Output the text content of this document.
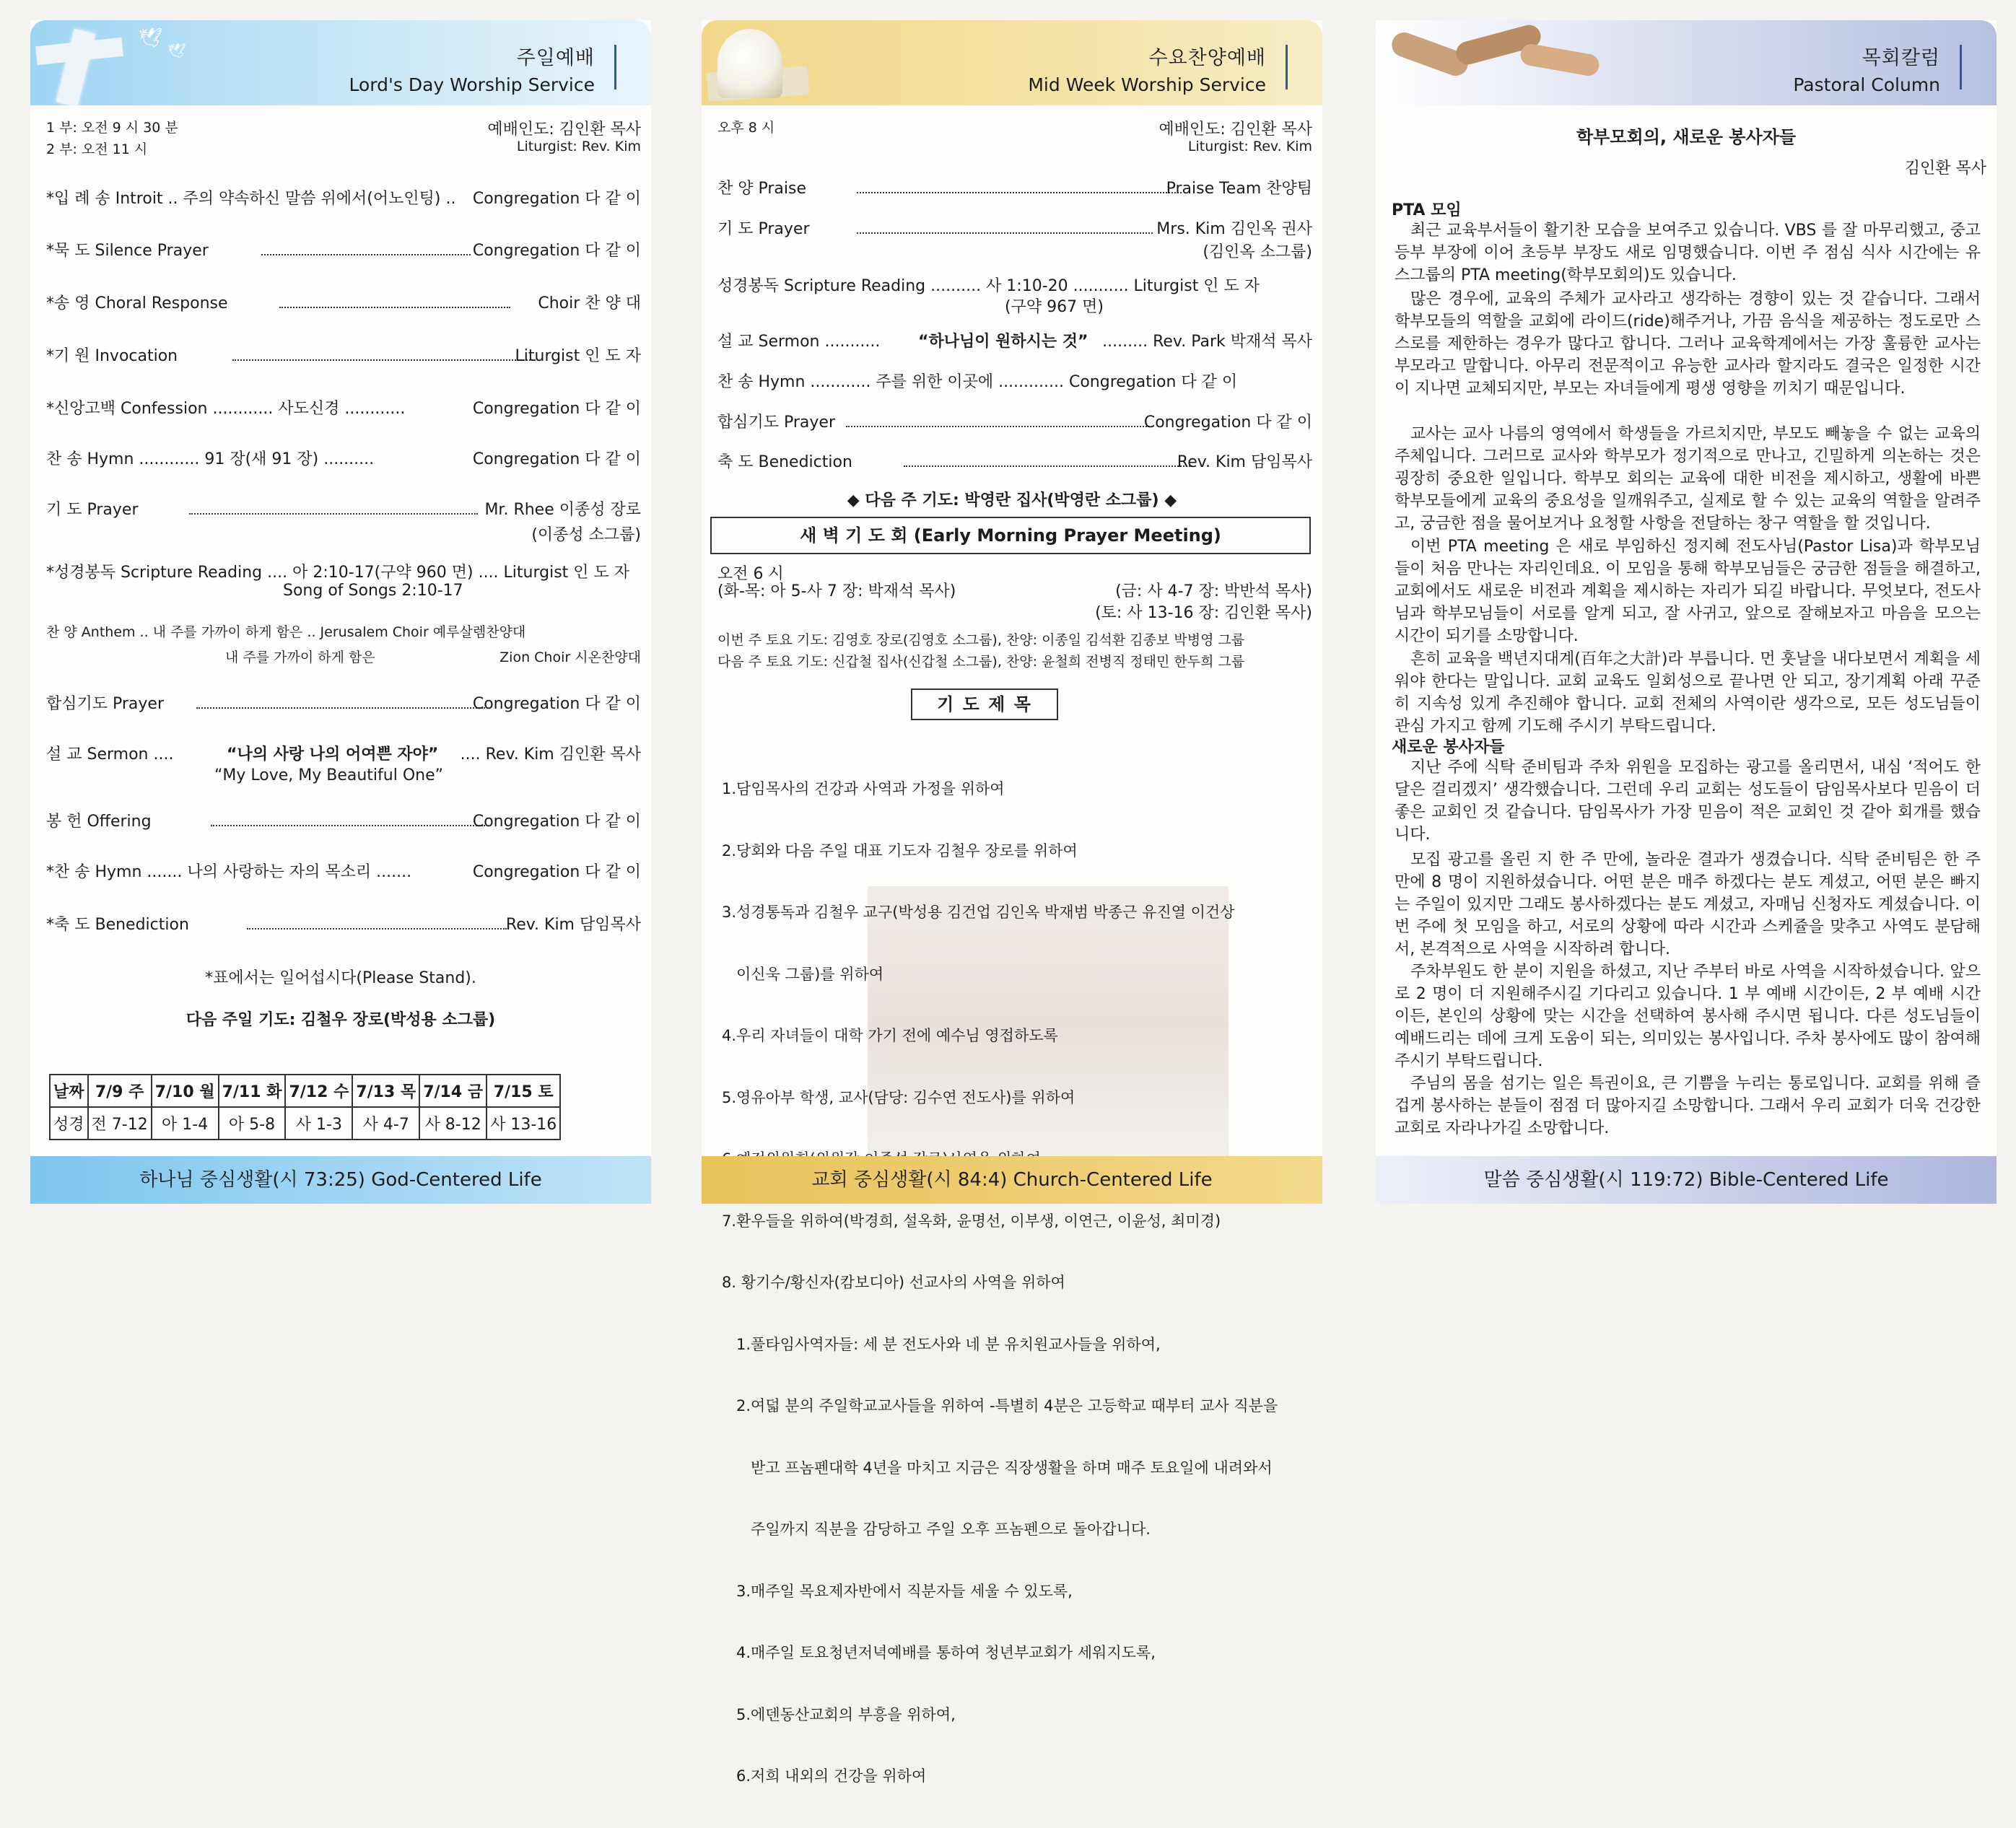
🕊
🕊	주일예배
Lord's Day Worship Service
1 부: 오전 9 시 30 분	예배인도: 김인환 목사
2 부: 오전 11 시	Liturgist: Rev. Kim
*입 례 송 Introit .. 주의 약속하신 말씀 위에서(어노인팅) .. Congregation 다 같 이
*묵 도 Silence Prayer	Congregation 다 같 이
*송 영 Choral Response	Choir 찬 양 대
*기 원 Invocation	Liturgist 인 도 자
*신앙고백 Confession ............ 사도신경 ............	Congregation 다 같 이
찬 송 Hymn ............ 91 장(새 91 장) ..........	Congregation 다 같 이
기 도 Prayer	Mr. Rhee 이종성 장로
(이종성 소그룹)
*성경봉독 Scripture Reading .... 아 2:10-17(구약 960 면) .... Liturgist 인 도 자
Song of Songs 2:10-17
찬 양 Anthem .. 내 주를 가까이 하게 함은 .. Jerusalem Choir 예루살렘찬양대
내 주를 가까이 하게 함은	Zion Choir 시온찬양대
합심기도 Prayer	Congregation 다 같 이
설 교 Sermon ....	“나의 사랑 나의 어여쁜 자야” .... Rev. Kim 김인환 목사
“My Love, My Beautiful One”
봉 헌 Offering	Congregation 다 같 이
*찬 송 Hymn ....... 나의 사랑하는 자의 목소리 .......	Congregation 다 같 이
*축 도 Benediction	Rev. Kim 담임목사
*표에서는 일어섭시다(Please Stand).
다음 주일 기도: 김철우 장로(박성용 소그룹)
날짜	7/9 주	7/10 월	7/11 화	7/12 수	7/13 목	7/14 금	7/15 토
성경	전 7-12	아 1-4	아 5-8	사 1-3	사 4-7	사 8-12	사 13-16
하나님 중심생활(시 73:25) God-Centered Life
수요찬양예배
Mid Week Worship Service
오후 8 시	예배인도: 김인환 목사
Liturgist: Rev. Kim
찬 양 Praise	Praise Team 찬양팀
기 도 Prayer	Mrs. Kim 김인옥 권사
(김인옥 소그룹)
성경봉독 Scripture Reading .......... 사 1:10-20 ........... Liturgist 인 도 자
(구약 967 면)
설 교 Sermon ........... “하나님이 원하시는 것” ......... Rev. Park 박재석 목사
찬 송 Hymn ............ 주를 위한 이곳에 ............. Congregation 다 같 이
합심기도 Prayer	Congregation 다 같 이
축 도 Benediction	Rev. Kim 담임목사
◆ 다음 주 기도: 박영란 집사(박영란 소그룹) ◆
새 벽 기 도 회 (Early Morning Prayer Meeting)
오전 6 시
(화-목: 아 5-사 7 장: 박재석 목사)	(금: 사 4-7 장: 박반석 목사)
(토: 사 13-16 장: 김인환 목사)
이번 주 토요 기도: 김영호 장로(김영호 소그룹), 찬양: 이종일 김석환 김종보 박병영 그룹
다음 주 토요 기도: 신갑철 집사(신갑철 소그룹), 찬양: 윤철희 전병직 정태민 한두희 그룹
기 도 제 목

1.담임목사의 건강과 사역과 가정을 위하여

2.당회와 다음 주일 대표 기도자 김철우 장로를 위하여

3.성경통독과 김철우 교구(박성용 김건업 김인옥 박재범 박종근 유진열 이건상

이신욱 그룹)를 위하여

4.우리 자녀들이 대학 가기 전에 예수님 영접하도록

5.영유아부 학생, 교사(담당: 김수연 전도사)를 위하여

7.환우들을 위하여(박경희, 설옥화, 윤명선, 이부생, 이연근, 이윤성, 최미경)

8. 황기수/황신자(캄보디아) 선교사의 사역을 위하여

1.풀타임사역자들: 세 분 전도사와 네 분 유치원교사들을 위하여,

2.여덟 분의 주일학교교사들을 위하여 -특별히 4분은 고등학교 때부터 교사 직분을

받고 프놈펜대학 4년을 마치고 지금은 직장생활을 하며 매주 토요일에 내려와서

주일까지 직분을 감당하고 주일 오후 프놈펜으로 돌아갑니다.

3.매주일 목요제자반에서 직분자들 세울 수 있도록,

4.매주일 토요청년저녁예배를 통하여 청년부교회가 세워지도록,

5.에덴동산교회의 부흥을 위하여,

6.저희 내외의 건강을 위하여

교회 중심생활(시 84:4) Church-Centered Life
목회칼럼
Pastoral Column
학부모회의, 새로운 봉사자들
김인환 목사
PTA 모임
최근 교육부서들이 활기찬 모습을 보여주고 있습니다. VBS 를 잘 마무리했고, 중고등부 부장에 이어 초등부 부장도 새로 임명했습니다. 이번 주 점심 식사 시간에는 유스그룹의 PTA meeting(학부모회의)도 있습니다.
많은 경우에, 교육의 주체가 교사라고 생각하는 경향이 있는 것 같습니다. 그래서 학부모들의 역할을 교회에 라이드(ride)해주거나, 가끔 음식을 제공하는 정도로만 스스로를 제한하는 경우가 많다고 합니다. 그러나 교육학계에서는 가장 훌륭한 교사는 부모라고 말합니다. 아무리 전문적이고 유능한 교사라 할지라도 결국은 일정한 시간이 지나면 교체되지만, 부모는 자녀들에게 평생 영향을 끼치기 때문입니다.
교사는 교사 나름의 영역에서 학생들을 가르치지만, 부모도 빼놓을 수 없는 교육의 주체입니다. 그러므로 교사와 학부모가 정기적으로 만나고, 긴밀하게 의논하는 것은 굉장히 중요한 일입니다. 학부모 회의는 교육에 대한 비전을 제시하고, 생활에 바쁜 학부모들에게 교육의 중요성을 일깨워주고, 실제로 할 수 있는 교육의 역할을 알려주고, 궁금한 점을 물어보거나 요청할 사항을 전달하는 창구 역할을 할 것입니다.
이번 PTA meeting 은 새로 부임하신 정지혜 전도사님(Pastor Lisa)과 학부모님들이 처음 만나는 자리인데요. 이 모임을 통해 학부모님들은 궁금한 점들을 해결하고, 교회에서도 새로운 비전과 계획을 제시하는 자리가 되길 바랍니다. 무엇보다, 전도사님과 학부모님들이 서로를 알게 되고, 잘 사귀고, 앞으로 잘해보자고 마음을 모으는 시간이 되기를 소망합니다.
흔히 교육을 백년지대계(百年之大計)라 부릅니다. 먼 훗날을 내다보면서 계획을 세워야 한다는 말입니다. 교회 교육도 일회성으로 끝나면 안 되고, 장기계획 아래 꾸준히 지속성 있게 추진해야 합니다. 교회 전체의 사역이란 생각으로, 모든 성도님들이 관심 가지고 함께 기도해 주시기 부탁드립니다.
새로운 봉사자들
지난 주에 식탁 준비팀과 주차 위원을 모집하는 광고를 올리면서, 내심 ‘적어도 한 달은 걸리겠지’ 생각했습니다. 그런데 우리 교회는 성도들이 담임목사보다 믿음이 더 좋은 교회인 것 같습니다. 담임목사가 가장 믿음이 적은 교회인 것 같아 회개를 했습니다.
모집 광고를 올린 지 한 주 만에, 놀라운 결과가 생겼습니다. 식탁 준비팀은 한 주 만에 8 명이 지원하셨습니다. 어떤 분은 매주 하겠다는 분도 계셨고, 어떤 분은 빠지는 주일이 있지만 그래도 봉사하겠다는 분도 계셨고, 자매님 신청자도 계셨습니다. 이번 주에 첫 모임을 하고, 서로의 상황에 따라 시간과 스케쥴을 맞추고 사역도 분담해서, 본격적으로 사역을 시작하려 합니다.
주차부원도 한 분이 지원을 하셨고, 지난 주부터 바로 사역을 시작하셨습니다. 앞으로 2 명이 더 지원해주시길 기다리고 있습니다. 1 부 예배 시간이든, 2 부 예배 시간이든, 본인의 상황에 맞는 시간을 선택하여 봉사해 주시면 됩니다. 다른 성도님들이 예배드리는 데에 크게 도움이 되는, 의미있는 봉사입니다. 주차 봉사에도 많이 참여해 주시기 부탁드립니다.
주님의 몸을 섬기는 일은 특권이요, 큰 기쁨을 누리는 통로입니다. 교회를 위해 즐겁게 봉사하는 분들이 점점 더 많아지길 소망합니다. 그래서 우리 교회가 더욱 건강한 교회로 자라나가길 소망합니다.
말씀 중심생활(시 119:72) Bible-Centered Life
